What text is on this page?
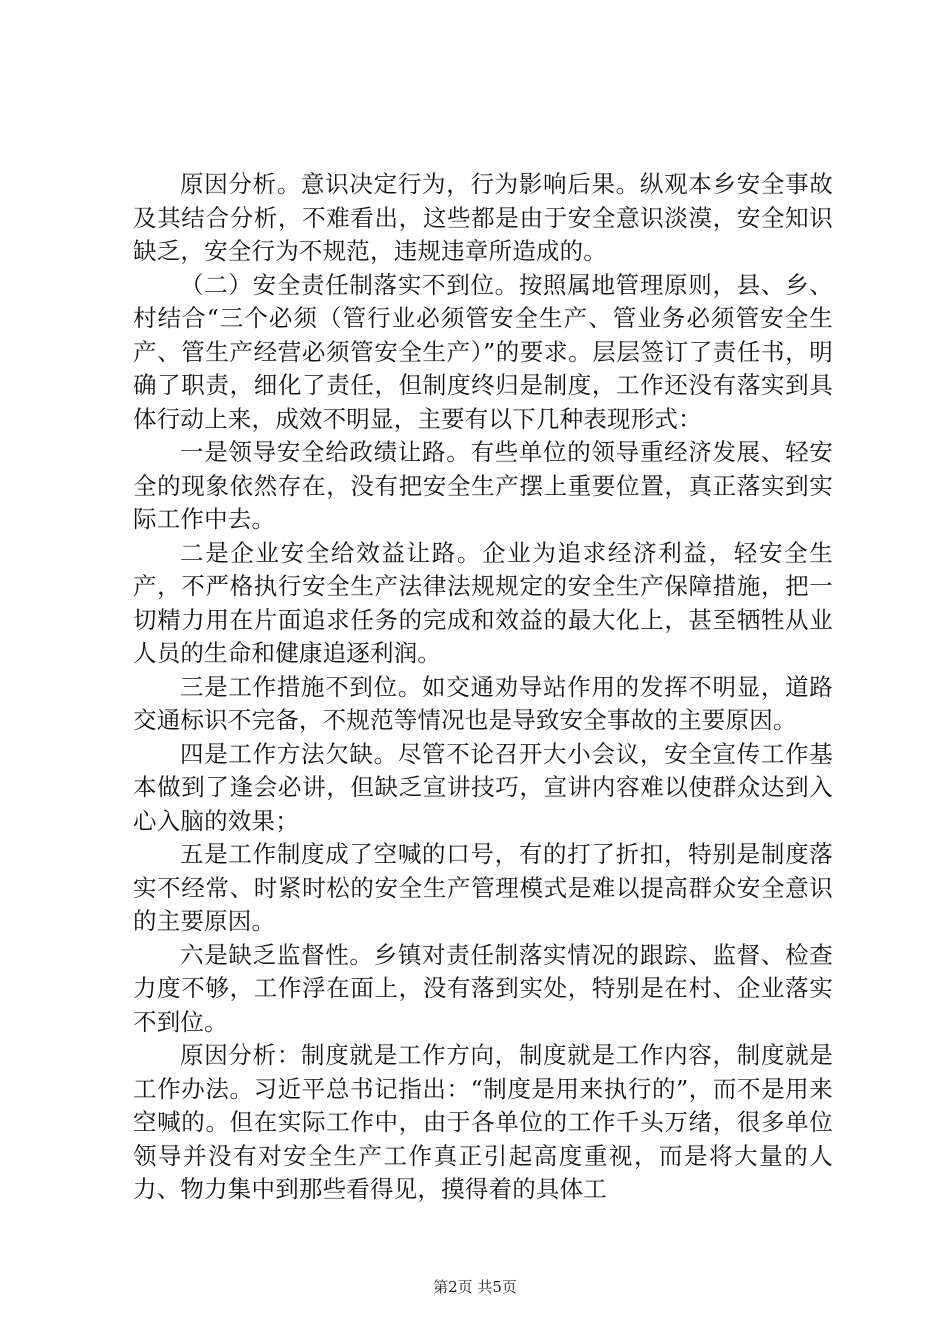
原因分析。意识决定行为，行为影响后果。纵观本乡安全事故及其结合分析，不难看出，这些都是由于安全意识淡漠，安全知识缺乏，安全行为不规范，违规违章所造成的。

（二）安全责任制落实不到位。按照属地管理原则，县、乡、村结合“三个必须（管行业必须管安全生产、管业务必须管安全生产、管生产经营必须管安全生产）”的要求。层层签订了责任书，明确了职责，细化了责任，但制度终归是制度，工作还没有落实到具体行动上来，成效不明显，主要有以下几种表现形式：

一是领导安全给政绩让路。有些单位的领导重经济发展、轻安全的现象依然存在，没有把安全生产摆上重要位置，真正落实到实际工作中去。

二是企业安全给效益让路。企业为追求经济利益，轻安全生产，不严格执行安全生产法律法规规定的安全生产保障措施，把一切精力用在片面追求任务的完成和效益的最大化上，甚至牺牲从业人员的生命和健康追逐利润。

三是工作措施不到位。如交通劝导站作用的发挥不明显，道路交通标识不完备，不规范等情况也是导致安全事故的主要原因。

四是工作方法欠缺。尽管不论召开大小会议，安全宣传工作基本做到了逢会必讲，但缺乏宣讲技巧，宣讲内容难以使群众达到入心入脑的效果；

五是工作制度成了空喊的口号，有的打了折扣，特别是制度落实不经常、时紧时松的安全生产管理模式是难以提高群众安全意识的主要原因。

六是缺乏监督性。乡镇对责任制落实情况的跟踪、监督、检查力度不够，工作浮在面上，没有落到实处，特别是在村、企业落实不到位。

原因分析：制度就是工作方向，制度就是工作内容，制度就是工作办法。习近平总书记指出：“制度是用来执行的”，而不是用来空喊的。但在实际工作中，由于各单位的工作千头万绪，很多单位领导并没有对安全生产工作真正引起高度重视，而是将大量的人力、物力集中到那些看得见，摸得着的具体工

第2页 共5页
